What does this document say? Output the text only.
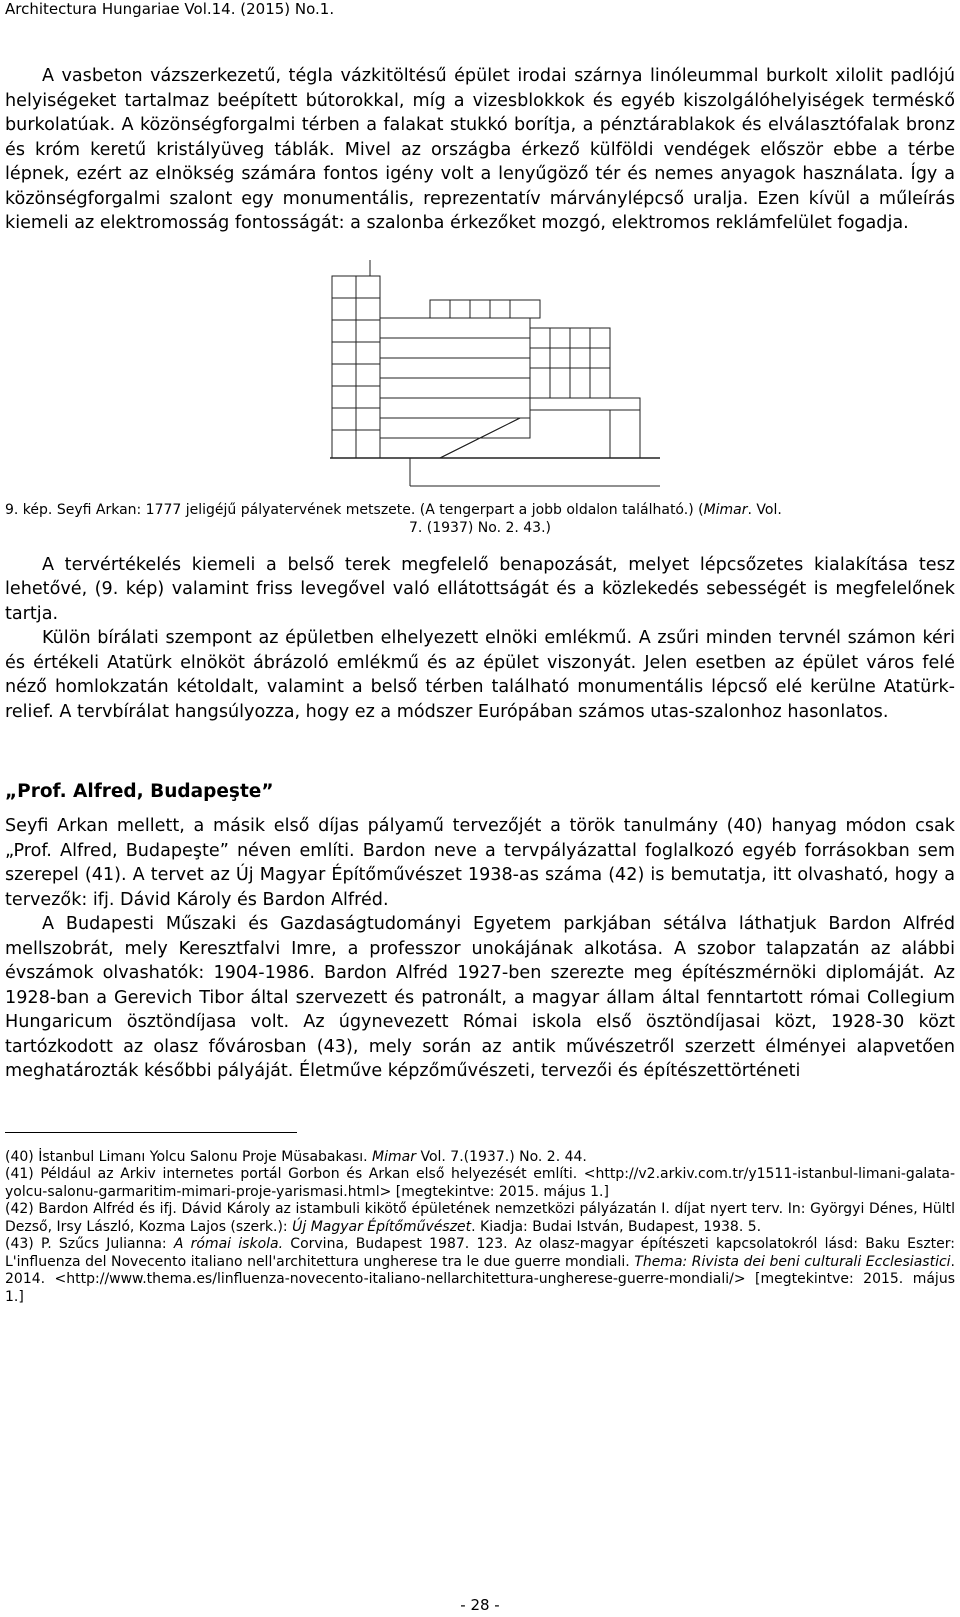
Architectura Hungariae Vol.14. (2015) No.1.

A vasbeton vázszerkezetű, tégla vázkitöltésű épület irodai szárnya linóleummal burkolt xilolit padlójú helyiségeket tartalmaz beépített bútorokkal, míg a vizesblokkok és egyéb kiszolgálóhelyiségek terméskő burkolatúak. A közönségforgalmi térben a falakat stukkó borítja, a pénztárablakok és elválasztófalak bronz és króm keretű kristályüveg táblák. Mivel az országba érkező külföldi vendégek először ebbe a térbe lépnek, ezért az elnökség számára fontos igény volt a lenyűgöző tér és nemes anyagok használata. Így a közönségforgalmi szalont egy monumentális, reprezentatív márványlépcső uralja. Ezen kívül a műleírás kiemeli az elektromosság fontosságát: a szalonba érkezőket mozgó, elektromos reklámfelület fogadja.

9. kép. Seyfi Arkan: 1777 jeligéjű pályatervének metszete. (A tengerpart a jobb oldalon található.) (Mimar. Vol.
7. (1937) No. 2. 43.)

A tervértékelés kiemeli a belső terek megfelelő benapozását, melyet lépcsőzetes kialakítása tesz lehetővé, (9. kép) valamint friss levegővel való ellátottságát és a közlekedés sebességét is megfelelőnek tartja.

Külön bírálati szempont az épületben elhelyezett elnöki emlékmű. A zsűri minden tervnél számon kéri és értékeli Atatürk elnököt ábrázoló emlékmű és az épület viszonyát. Jelen esetben az épület város felé néző homlokzatán kétoldalt, valamint a belső térben található monumentális lépcső elé kerülne Atatürk-relief. A tervbírálat hangsúlyozza, hogy ez a módszer Európában számos utas-szalonhoz hasonlatos.

„Prof. Alfred, Budapeşte”

Seyfi Arkan mellett, a másik első díjas pályamű tervezőjét a török tanulmány (40) hanyag módon csak „Prof. Alfred, Budapeşte” néven említi. Bardon neve a tervpályázattal foglalkozó egyéb forrásokban sem szerepel (41). A tervet az Új Magyar Építőművészet 1938-as száma (42) is bemutatja, itt olvasható, hogy a tervezők: ifj. Dávid Károly és Bardon Alfréd.

A Budapesti Műszaki és Gazdaságtudományi Egyetem parkjában sétálva láthatjuk Bardon Alfréd mellszobrát, mely Keresztfalvi Imre, a professzor unokájának alkotása. A szobor talapzatán az alábbi évszámok olvashatók: 1904-1986. Bardon Alfréd 1927-ben szerezte meg építészmérnöki diplomáját. Az 1928-ban a Gerevich Tibor által szervezett és patronált, a magyar állam által fenntartott római Collegium Hungaricum ösztöndíjasa volt. Az úgynevezett Római iskola első ösztöndíjasai közt, 1928-30 közt tartózkodott az olasz fővárosban (43), mely során az antik művészetről szerzett élményei alapvetően meghatározták későbbi pályáját. Életműve képzőművészeti, tervezői és építészettörténeti

(40) İstanbul Limanı Yolcu Salonu Proje Müsabakası. Mimar Vol. 7.(1937.) No. 2. 44.

(41) Például az Arkiv internetes portál Gorbon és Arkan első helyezését említi. <http://v2.arkiv.com.tr/y1511-istanbul-limani-galata-yolcu-salonu-garmaritim-mimari-proje-yarismasi.html> [megtekintve: 2015. május 1.]

(42) Bardon Alfréd és ifj. Dávid Károly az istambuli kikötő épületének nemzetközi pályázatán I. díjat nyert terv. In: Györgyi Dénes, Hültl Dezső, Irsy László, Kozma Lajos (szerk.): Új Magyar Építőművészet. Kiadja: Budai István, Budapest, 1938. 5.

(43) P. Szűcs Julianna: A római iskola. Corvina, Budapest 1987. 123. Az olasz-magyar építészeti kapcsolatokról lásd: Baku Eszter: L'influenza del Novecento italiano nell'architettura ungherese tra le due guerre mondiali. Thema: Rivista dei beni culturali Ecclesiastici. 2014. <http://www.thema.es/linfluenza-novecento-italiano-nellarchitettura-ungherese-guerre-mondiali/> [megtekintve: 2015. május 1.]

- 28 -
